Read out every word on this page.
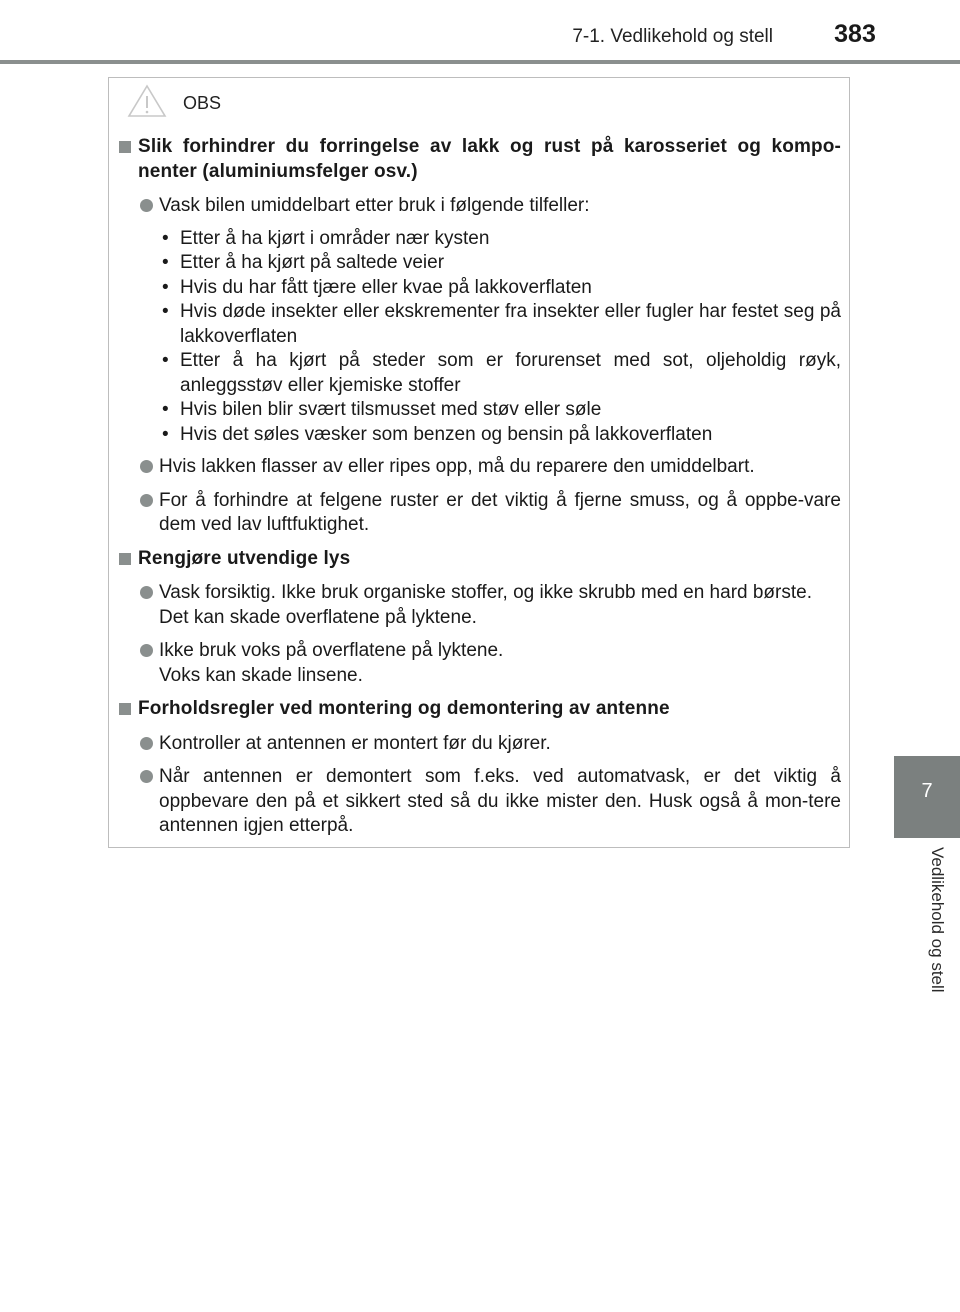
7-1. Vedlikehold og stell	383
7
Vedlikehold og stell
OBS
Slik forhindrer du forringelse av lakk og rust på karosseriet og kompo-nenter (aluminiumsfelger osv.)
Vask bilen umiddelbart etter bruk i følgende tilfeller:
• Etter å ha kjørt i områder nær kysten
• Etter å ha kjørt på saltede veier
• Hvis du har fått tjære eller kvae på lakkoverflaten
• Hvis døde insekter eller ekskrementer fra insekter eller fugler har festet seg på lakkoverflaten
• Etter å ha kjørt på steder som er forurenset med sot, oljeholdig røyk, anleggsstøv eller kjemiske stoffer
• Hvis bilen blir svært tilsmusset med støv eller søle
• Hvis det søles væsker som benzen og bensin på lakkoverflaten
Hvis lakken flasser av eller ripes opp, må du reparere den umiddelbart.
For å forhindre at felgene ruster er det viktig å fjerne smuss, og å oppbe-vare dem ved lav luftfuktighet.
Rengjøre utvendige lys
Vask forsiktig. Ikke bruk organiske stoffer, og ikke skrubb med en hard børste.
Det kan skade overflatene på lyktene.
Ikke bruk voks på overflatene på lyktene.
Voks kan skade linsene.
Forholdsregler ved montering og demontering av antenne
Kontroller at antennen er montert før du kjører.
Når antennen er demontert som f.eks. ved automatvask, er det viktig å oppbevare den på et sikkert sted så du ikke mister den. Husk også å mon-tere antennen igjen etterpå.
